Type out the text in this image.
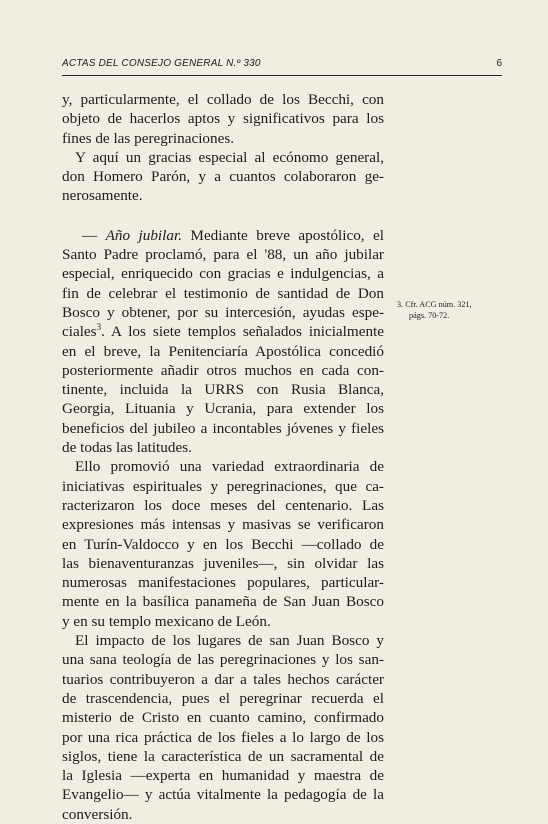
ACTAS DEL CONSEJO GENERAL N.º 330	6
y, particularmente, el collado de los Becchi, con
objeto de hacerlos aptos y significativos para los
fines de las peregrinaciones.
Y aquí un gracias especial al ecónomo general,
don Homero Parón, y a cuantos colaboraron ge-
nerosamente.
— Año jubilar. Mediante breve apostólico, el
Santo Padre proclamó, para el '88, un año jubilar
especial, enriquecido con gracias e indulgencias, a
fin de celebrar el testimonio de santidad de Don
Bosco y obtener, por su intercesión, ayudas espe-
ciales$^3$. A los siete templos señalados inicialmente
en el breve, la Penitenciaría Apostólica concedió
posteriormente añadir otros muchos en cada con-
tinente, incluida la URRS con Rusia Blanca,
Georgia, Lituania y Ucrania, para extender los
beneficios del jubileo a incontables jóvenes y fieles
de todas las latitudes.
Ello promovió una variedad extraordinaria de
iniciativas espirituales y peregrinaciones, que ca-
racterizaron los doce meses del centenario. Las
expresiones más intensas y masivas se verificaron
en Turín-Valdocco y en los Becchi —collado de
las bienaventuranzas juveniles—, sin olvidar las
numerosas manifestaciones populares, particular-
mente en la basílica panameña de San Juan Bosco
y en su templo mexicano de León.
El impacto de los lugares de san Juan Bosco y
una sana teología de las peregrinaciones y los san-
tuarios contribuyeron a dar a tales hechos carácter
de trascendencia, pues el peregrinar recuerda el
misterio de Cristo en cuanto camino, confirmado
por una rica práctica de los fieles a lo largo de los
siglos, tiene la característica de un sacramental de
la Iglesia —experta en humanidad y maestra de
Evangelio— y actúa vitalmente la pedagogía de la
conversión.
3. Cfr. ACG núm. 321,
págs. 70-72.
